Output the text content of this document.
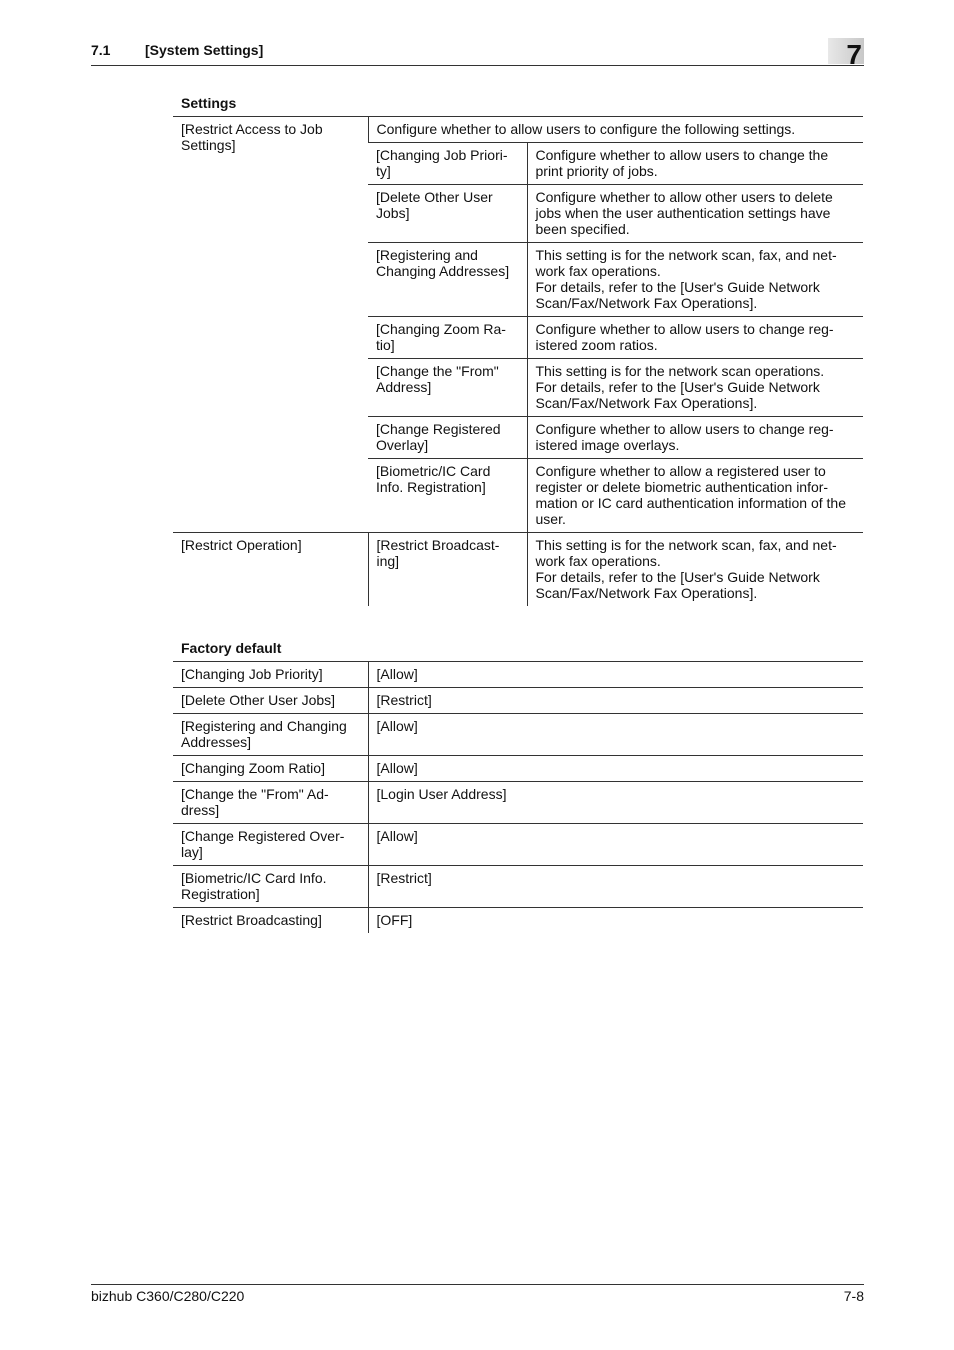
7.1 [System Settings]	7
Settings
[Restrict Access to Job Settings]	Configure whether to allow users to configure the following settings.	
	[Changing Job Priori-ty]	Configure whether to allow users to change the print priority of jobs.
	[Delete Other User Jobs]	Configure whether to allow other users to delete jobs when the user authentication settings have been specified.
	[Registering and Changing Addresses]	This setting is for the network scan, fax, and net-work fax operations.
For details, refer to the [User's Guide Network Scan/Fax/Network Fax Operations].
	[Changing Zoom Ra-tio]	Configure whether to allow users to change reg-istered zoom ratios.
	[Change the "From" Address]	This setting is for the network scan operations.
For details, refer to the [User's Guide Network Scan/Fax/Network Fax Operations].
	[Change Registered Overlay]	Configure whether to allow users to change reg-istered image overlays.
	[Biometric/IC Card Info. Registration]	Configure whether to allow a registered user to register or delete biometric authentication infor-mation or IC card authentication information of the user.
[Restrict Operation]	[Restrict Broadcast-ing]	This setting is for the network scan, fax, and net-work fax operations.
For details, refer to the [User's Guide Network Scan/Fax/Network Fax Operations].
Factory default
[Changing Job Priority]	[Allow]
[Delete Other User Jobs]	[Restrict]
[Registering and Changing Addresses]	[Allow]
[Changing Zoom Ratio]	[Allow]
[Change the "From" Ad-dress]	[Login User Address]
[Change Registered Over-lay]	[Allow]
[Biometric/IC Card Info. Registration]	[Restrict]
[Restrict Broadcasting]	[OFF]
bizhub C360/C280/C220	7-8
